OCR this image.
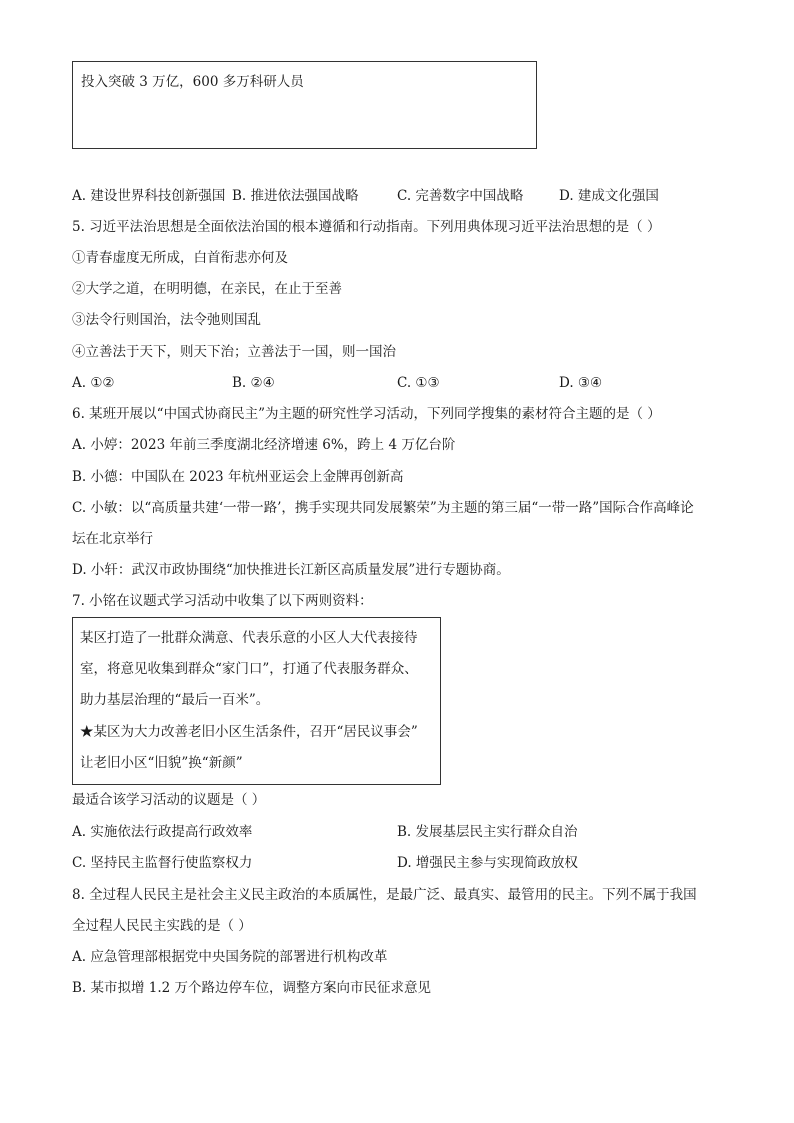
投入突破 3 万亿，600 多万科研人员
A. 建设世界科技创新强国 B. 推进依法强国战略	C. 完善数字中国战略	D. 建成文化强国
5. 习近平法治思想是全面依法治国的根本遵循和行动指南。下列用典体现习近平法治思想的是（ ）
①青春虚度无所成，白首衔悲亦何及
②大学之道，在明明德，在亲民，在止于至善
③法令行则国治，法令弛则国乱
④立善法于天下，则天下治；立善法于一国，则一国治
A. ①②	B. ②④	C. ①③	D. ③④
6. 某班开展以“中国式协商民主”为主题的研究性学习活动，下列同学搜集的素材符合主题的是（ ）
A. 小婷：2023 年前三季度湖北经济增速 6%，跨上 4 万亿台阶
B. 小德：中国队在 2023 年杭州亚运会上金牌再创新高
C. 小敏：以“高质量共建‘一带一路’，携手实现共同发展繁荣”为主题的第三届“一带一路”国际合作高峰论
坛在北京举行
D. 小轩：武汉市政协围绕“加快推进长江新区高质量发展”进行专题协商。
7. 小铭在议题式学习活动中收集了以下两则资料：
某区打造了一批群众满意、代表乐意的小区人大代表接待
室，将意见收集到群众“家门口”，打通了代表服务群众、
助力基层治理的“最后一百米”。
★某区为大力改善老旧小区生活条件，召开“居民议事会”
让老旧小区“旧貌”换“新颜”
最适合该学习活动的议题是（ ）
A. 实施依法行政提高行政效率	B. 发展基层民主实行群众自治
C. 坚持民主监督行使监察权力	D. 增强民主参与实现简政放权
8. 全过程人民民主是社会主义民主政治的本质属性，是最广泛、最真实、最管用的民主。下列不属于我国
全过程人民民主实践的是（ ）
A. 应急管理部根据党中央国务院的部署进行机构改革
B. 某市拟增 1.2 万个路边停车位，调整方案向市民征求意见
